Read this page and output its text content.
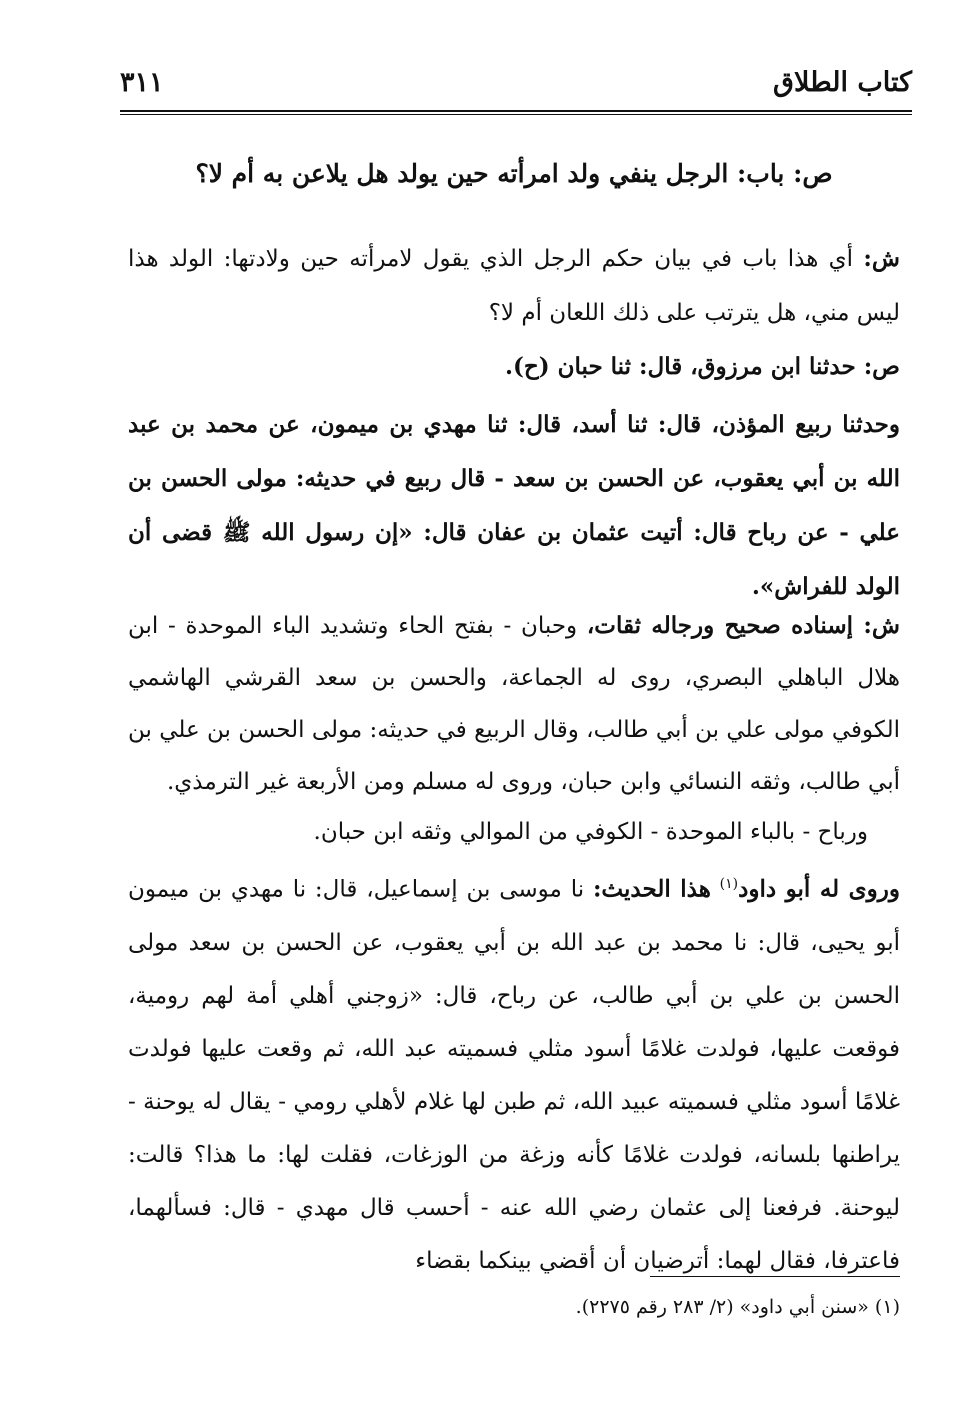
كتاب الطلاق
٣١١
ص: باب: الرجل ينفي ولد امرأته حين يولد هل يلاعن به أم لا؟
ش: أي هذا باب في بيان حكم الرجل الذي يقول لامرأته حين ولادتها: الولد هذا ليس مني، هل يترتب على ذلك اللعان أم لا؟
ص: حدثنا ابن مرزوق، قال: ثنا حبان (ح).
وحدثنا ربيع المؤذن، قال: ثنا أسد، قال: ثنا مهدي بن ميمون، عن محمد بن عبد الله بن أبي يعقوب، عن الحسن بن سعد - قال ربيع في حديثه: مولى الحسن بن علي - عن رباح قال: أتيت عثمان بن عفان قال: «إن رسول الله ﷺ قضى أن الولد للفراش».
ش: إسناده صحيح ورجاله ثقات، وحبان - بفتح الحاء وتشديد الباء الموحدة - ابن هلال الباهلي البصري، روى له الجماعة، والحسن بن سعد القرشي الهاشمي الكوفي مولى علي بن أبي طالب، وقال الربيع في حديثه: مولى الحسن بن علي بن أبي طالب، وثقه النسائي وابن حبان، وروى له مسلم ومن الأربعة غير الترمذي.
ورباح - بالباء الموحدة - الكوفي من الموالي وثقه ابن حبان.
وروى له أبو داود$^{(١)}$ هذا الحديث: نا موسى بن إسماعيل، قال: نا مهدي بن ميمون أبو يحيى، قال: نا محمد بن عبد الله بن أبي يعقوب، عن الحسن بن سعد مولى الحسن بن علي بن أبي طالب، عن رباح، قال: «زوجني أهلي أمة لهم رومية، فوقعت عليها، فولدت غلامًا أسود مثلي فسميته عبد الله، ثم وقعت عليها فولدت غلامًا أسود مثلي فسميته عبيد الله، ثم طبن لها غلام لأهلي رومي - يقال له يوحنة - يراطنها بلسانه، فولدت غلامًا كأنه وزغة من الوزغات، فقلت لها: ما هذا؟ قالت: ليوحنة. فرفعنا إلى عثمان رضي الله عنه - أحسب قال مهدي - قال: فسألهما، فاعترفا، فقال لهما: أترضيان أن أقضي بينكما بقضاء
(١) «سنن أبي داود» (٢/ ٢٨٣ رقم ٢٢٧٥).
